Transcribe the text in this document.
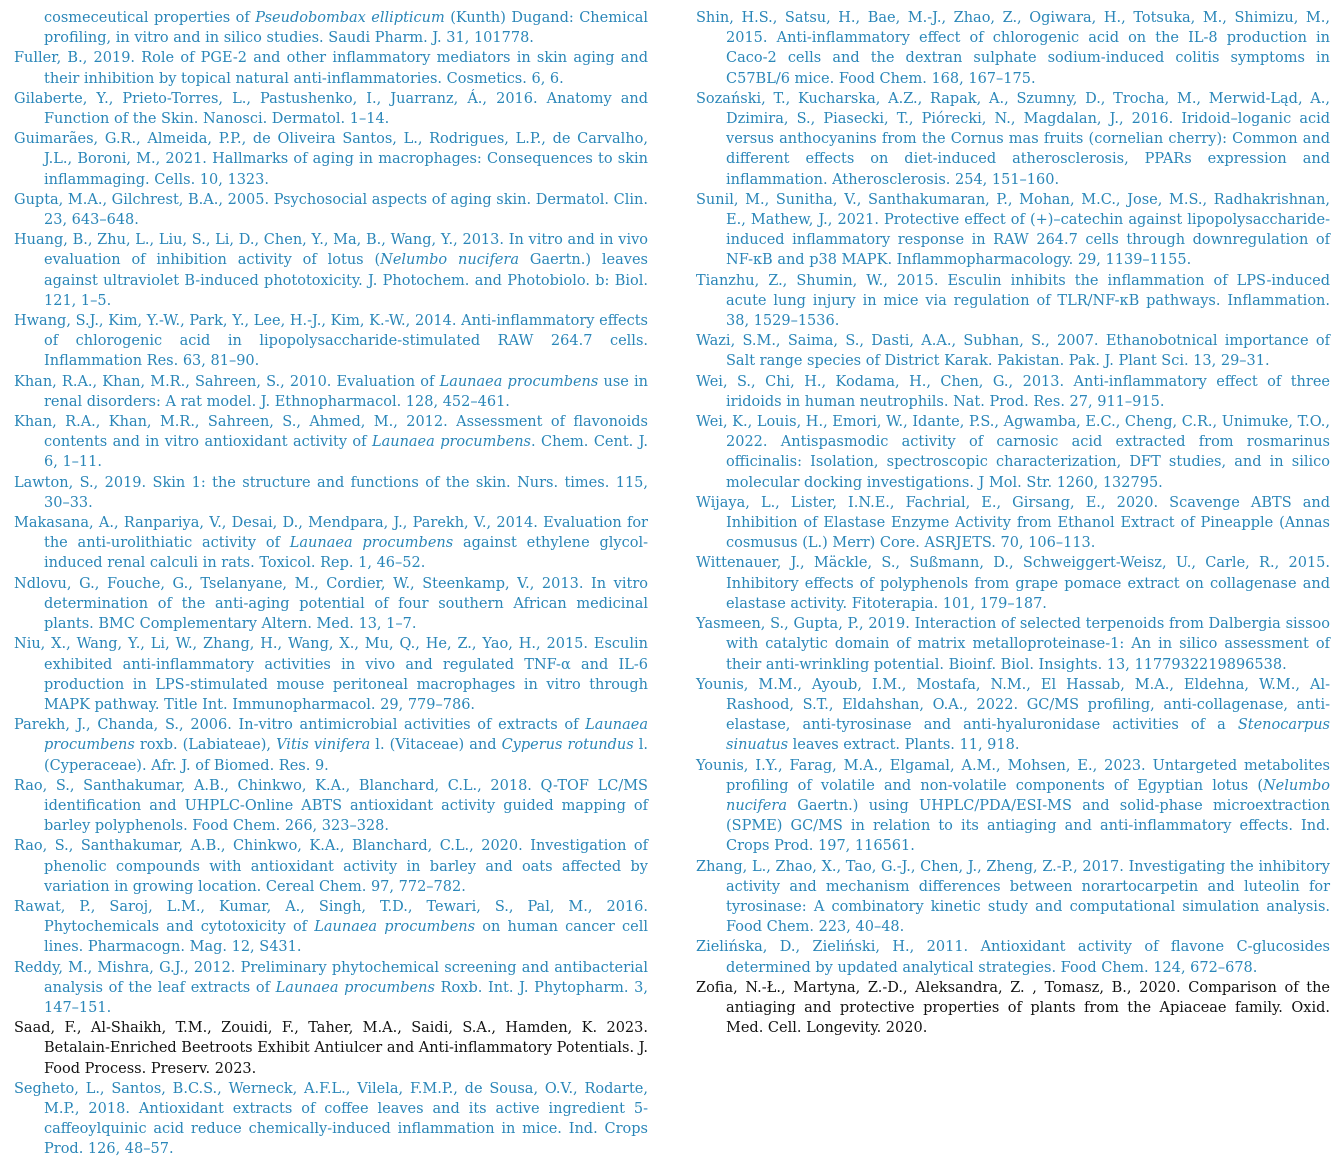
cosmeceutical properties of Pseudobombax ellipticum (Kunth) Dugand: Chemical profiling, in vitro and in silico studies. Saudi Pharm. J. 31, 101778.

Fuller, B., 2019. Role of PGE-2 and other inflammatory mediators in skin aging and their inhibition by topical natural anti-inflammatories. Cosmetics. 6, 6.

Gilaberte, Y., Prieto-Torres, L., Pastushenko, I., Juarranz, Á., 2016. Anatomy and Function of the Skin. Nanosci. Dermatol. 1–14.

Guimarães, G.R., Almeida, P.P., de Oliveira Santos, L., Rodrigues, L.P., de Carvalho, J.L., Boroni, M., 2021. Hallmarks of aging in macrophages: Consequences to skin inflammaging. Cells. 10, 1323.

Gupta, M.A., Gilchrest, B.A., 2005. Psychosocial aspects of aging skin. Dermatol. Clin. 23, 643–648.

Huang, B., Zhu, L., Liu, S., Li, D., Chen, Y., Ma, B., Wang, Y., 2013. In vitro and in vivo evaluation of inhibition activity of lotus (Nelumbo nucifera Gaertn.) leaves against ultraviolet B-induced phototoxicity. J. Photochem. and Photobiolo. b: Biol. 121, 1–5.

Hwang, S.J., Kim, Y.-W., Park, Y., Lee, H.-J., Kim, K.-W., 2014. Anti-inflammatory effects of chlorogenic acid in lipopolysaccharide-stimulated RAW 264.7 cells. Inflammation Res. 63, 81–90.

Khan, R.A., Khan, M.R., Sahreen, S., 2010. Evaluation of Launaea procumbens use in renal disorders: A rat model. J. Ethnopharmacol. 128, 452–461.

Khan, R.A., Khan, M.R., Sahreen, S., Ahmed, M., 2012. Assessment of flavonoids contents and in vitro antioxidant activity of Launaea procumbens. Chem. Cent. J. 6, 1–11.

Lawton, S., 2019. Skin 1: the structure and functions of the skin. Nurs. times. 115, 30–33.

Makasana, A., Ranpariya, V., Desai, D., Mendpara, J., Parekh, V., 2014. Evaluation for the anti-urolithiatic activity of Launaea procumbens against ethylene glycol-induced renal calculi in rats. Toxicol. Rep. 1, 46–52.

Ndlovu, G., Fouche, G., Tselanyane, M., Cordier, W., Steenkamp, V., 2013. In vitro determination of the anti-aging potential of four southern African medicinal plants. BMC Complementary Altern. Med. 13, 1–7.

Niu, X., Wang, Y., Li, W., Zhang, H., Wang, X., Mu, Q., He, Z., Yao, H., 2015. Esculin exhibited anti-inflammatory activities in vivo and regulated TNF-α and IL-6 production in LPS-stimulated mouse peritoneal macrophages in vitro through MAPK pathway. Title Int. Immunopharmacol. 29, 779–786.

Parekh, J., Chanda, S., 2006. In-vitro antimicrobial activities of extracts of Launaea procumbens roxb. (Labiateae), Vitis vinifera l. (Vitaceae) and Cyperus rotundus l. (Cyperaceae). Afr. J. of Biomed. Res. 9.

Rao, S., Santhakumar, A.B., Chinkwo, K.A., Blanchard, C.L., 2018. Q-TOF LC/MS identification and UHPLC-Online ABTS antioxidant activity guided mapping of barley polyphenols. Food Chem. 266, 323–328.

Rao, S., Santhakumar, A.B., Chinkwo, K.A., Blanchard, C.L., 2020. Investigation of phenolic compounds with antioxidant activity in barley and oats affected by variation in growing location. Cereal Chem. 97, 772–782.

Rawat, P., Saroj, L.M., Kumar, A., Singh, T.D., Tewari, S., Pal, M., 2016. Phytochemicals and cytotoxicity of Launaea procumbens on human cancer cell lines. Pharmacogn. Mag. 12, S431.

Reddy, M., Mishra, G.J., 2012. Preliminary phytochemical screening and antibacterial analysis of the leaf extracts of Launaea procumbens Roxb. Int. J. Phytopharm. 3, 147–151.

Saad, F., Al-Shaikh, T.M., Zouidi, F., Taher, M.A., Saidi, S.A., Hamden, K. 2023. Betalain-Enriched Beetroots Exhibit Antiulcer and Anti-inflammatory Potentials. J. Food Process. Preserv. 2023.

Segheto, L., Santos, B.C.S., Werneck, A.F.L., Vilela, F.M.P., de Sousa, O.V., Rodarte, M.P., 2018. Antioxidant extracts of coffee leaves and its active ingredient 5-caffeoylquinic acid reduce chemically-induced inflammation in mice. Ind. Crops Prod. 126, 48–57.

Shin, H.S., Satsu, H., Bae, M.-J., Zhao, Z., Ogiwara, H., Totsuka, M., Shimizu, M., 2015. Anti-inflammatory effect of chlorogenic acid on the IL-8 production in Caco-2 cells and the dextran sulphate sodium-induced colitis symptoms in C57BL/6 mice. Food Chem. 168, 167–175.

Sozański, T., Kucharska, A.Z., Rapak, A., Szumny, D., Trocha, M., Merwid-Ląd, A., Dzimira, S., Piasecki, T., Piórecki, N., Magdalan, J., 2016. Iridoid–loganic acid versus anthocyanins from the Cornus mas fruits (cornelian cherry): Common and different effects on diet-induced atherosclerosis, PPARs expression and inflammation. Atherosclerosis. 254, 151–160.

Sunil, M., Sunitha, V., Santhakumaran, P., Mohan, M.C., Jose, M.S., Radhakrishnan, E., Mathew, J., 2021. Protective effect of (+)–catechin against lipopolysaccharide-induced inflammatory response in RAW 264.7 cells through downregulation of NF-κB and p38 MAPK. Inflammopharmacology. 29, 1139–1155.

Tianzhu, Z., Shumin, W., 2015. Esculin inhibits the inflammation of LPS-induced acute lung injury in mice via regulation of TLR/NF-κB pathways. Inflammation. 38, 1529–1536.

Wazi, S.M., Saima, S., Dasti, A.A., Subhan, S., 2007. Ethanobotnical importance of Salt range species of District Karak. Pakistan. Pak. J. Plant Sci. 13, 29–31.

Wei, S., Chi, H., Kodama, H., Chen, G., 2013. Anti-inflammatory effect of three iridoids in human neutrophils. Nat. Prod. Res. 27, 911–915.

Wei, K., Louis, H., Emori, W., Idante, P.S., Agwamba, E.C., Cheng, C.R., Unimuke, T.O., 2022. Antispasmodic activity of carnosic acid extracted from rosmarinus officinalis: Isolation, spectroscopic characterization, DFT studies, and in silico molecular docking investigations. J Mol. Str. 1260, 132795.

Wijaya, L., Lister, I.N.E., Fachrial, E., Girsang, E., 2020. Scavenge ABTS and Inhibition of Elastase Enzyme Activity from Ethanol Extract of Pineapple (Annas cosmusus (L.) Merr) Core. ASRJETS. 70, 106–113.

Wittenauer, J., Mäckle, S., Sußmann, D., Schweiggert-Weisz, U., Carle, R., 2015. Inhibitory effects of polyphenols from grape pomace extract on collagenase and elastase activity. Fitoterapia. 101, 179–187.

Yasmeen, S., Gupta, P., 2019. Interaction of selected terpenoids from Dalbergia sissoo with catalytic domain of matrix metalloproteinase-1: An in silico assessment of their anti-wrinkling potential. Bioinf. Biol. Insights. 13, 1177932219896538.

Younis, M.M., Ayoub, I.M., Mostafa, N.M., El Hassab, M.A., Eldehna, W.M., Al-Rashood, S.T., Eldahshan, O.A., 2022. GC/MS profiling, anti-collagenase, anti-elastase, anti-tyrosinase and anti-hyaluronidase activities of a Stenocarpus sinuatus leaves extract. Plants. 11, 918.

Younis, I.Y., Farag, M.A., Elgamal, A.M., Mohsen, E., 2023. Untargeted metabolites profiling of volatile and non-volatile components of Egyptian lotus (Nelumbo nucifera Gaertn.) using UHPLC/PDA/ESI-MS and solid-phase microextraction (SPME) GC/MS in relation to its antiaging and anti-inflammatory effects. Ind. Crops Prod. 197, 116561.

Zhang, L., Zhao, X., Tao, G.-J., Chen, J., Zheng, Z.-P., 2017. Investigating the inhibitory activity and mechanism differences between norartocarpetin and luteolin for tyrosinase: A combinatory kinetic study and computational simulation analysis. Food Chem. 223, 40–48.

Zielińska, D., Zieliński, H., 2011. Antioxidant activity of flavone C-glucosides determined by updated analytical strategies. Food Chem. 124, 672–678.

Zofia, N.-Ł., Martyna, Z.-D., Aleksandra, Z. , Tomasz, B., 2020. Comparison of the antiaging and protective properties of plants from the Apiaceae family. Oxid. Med. Cell. Longevity. 2020.
